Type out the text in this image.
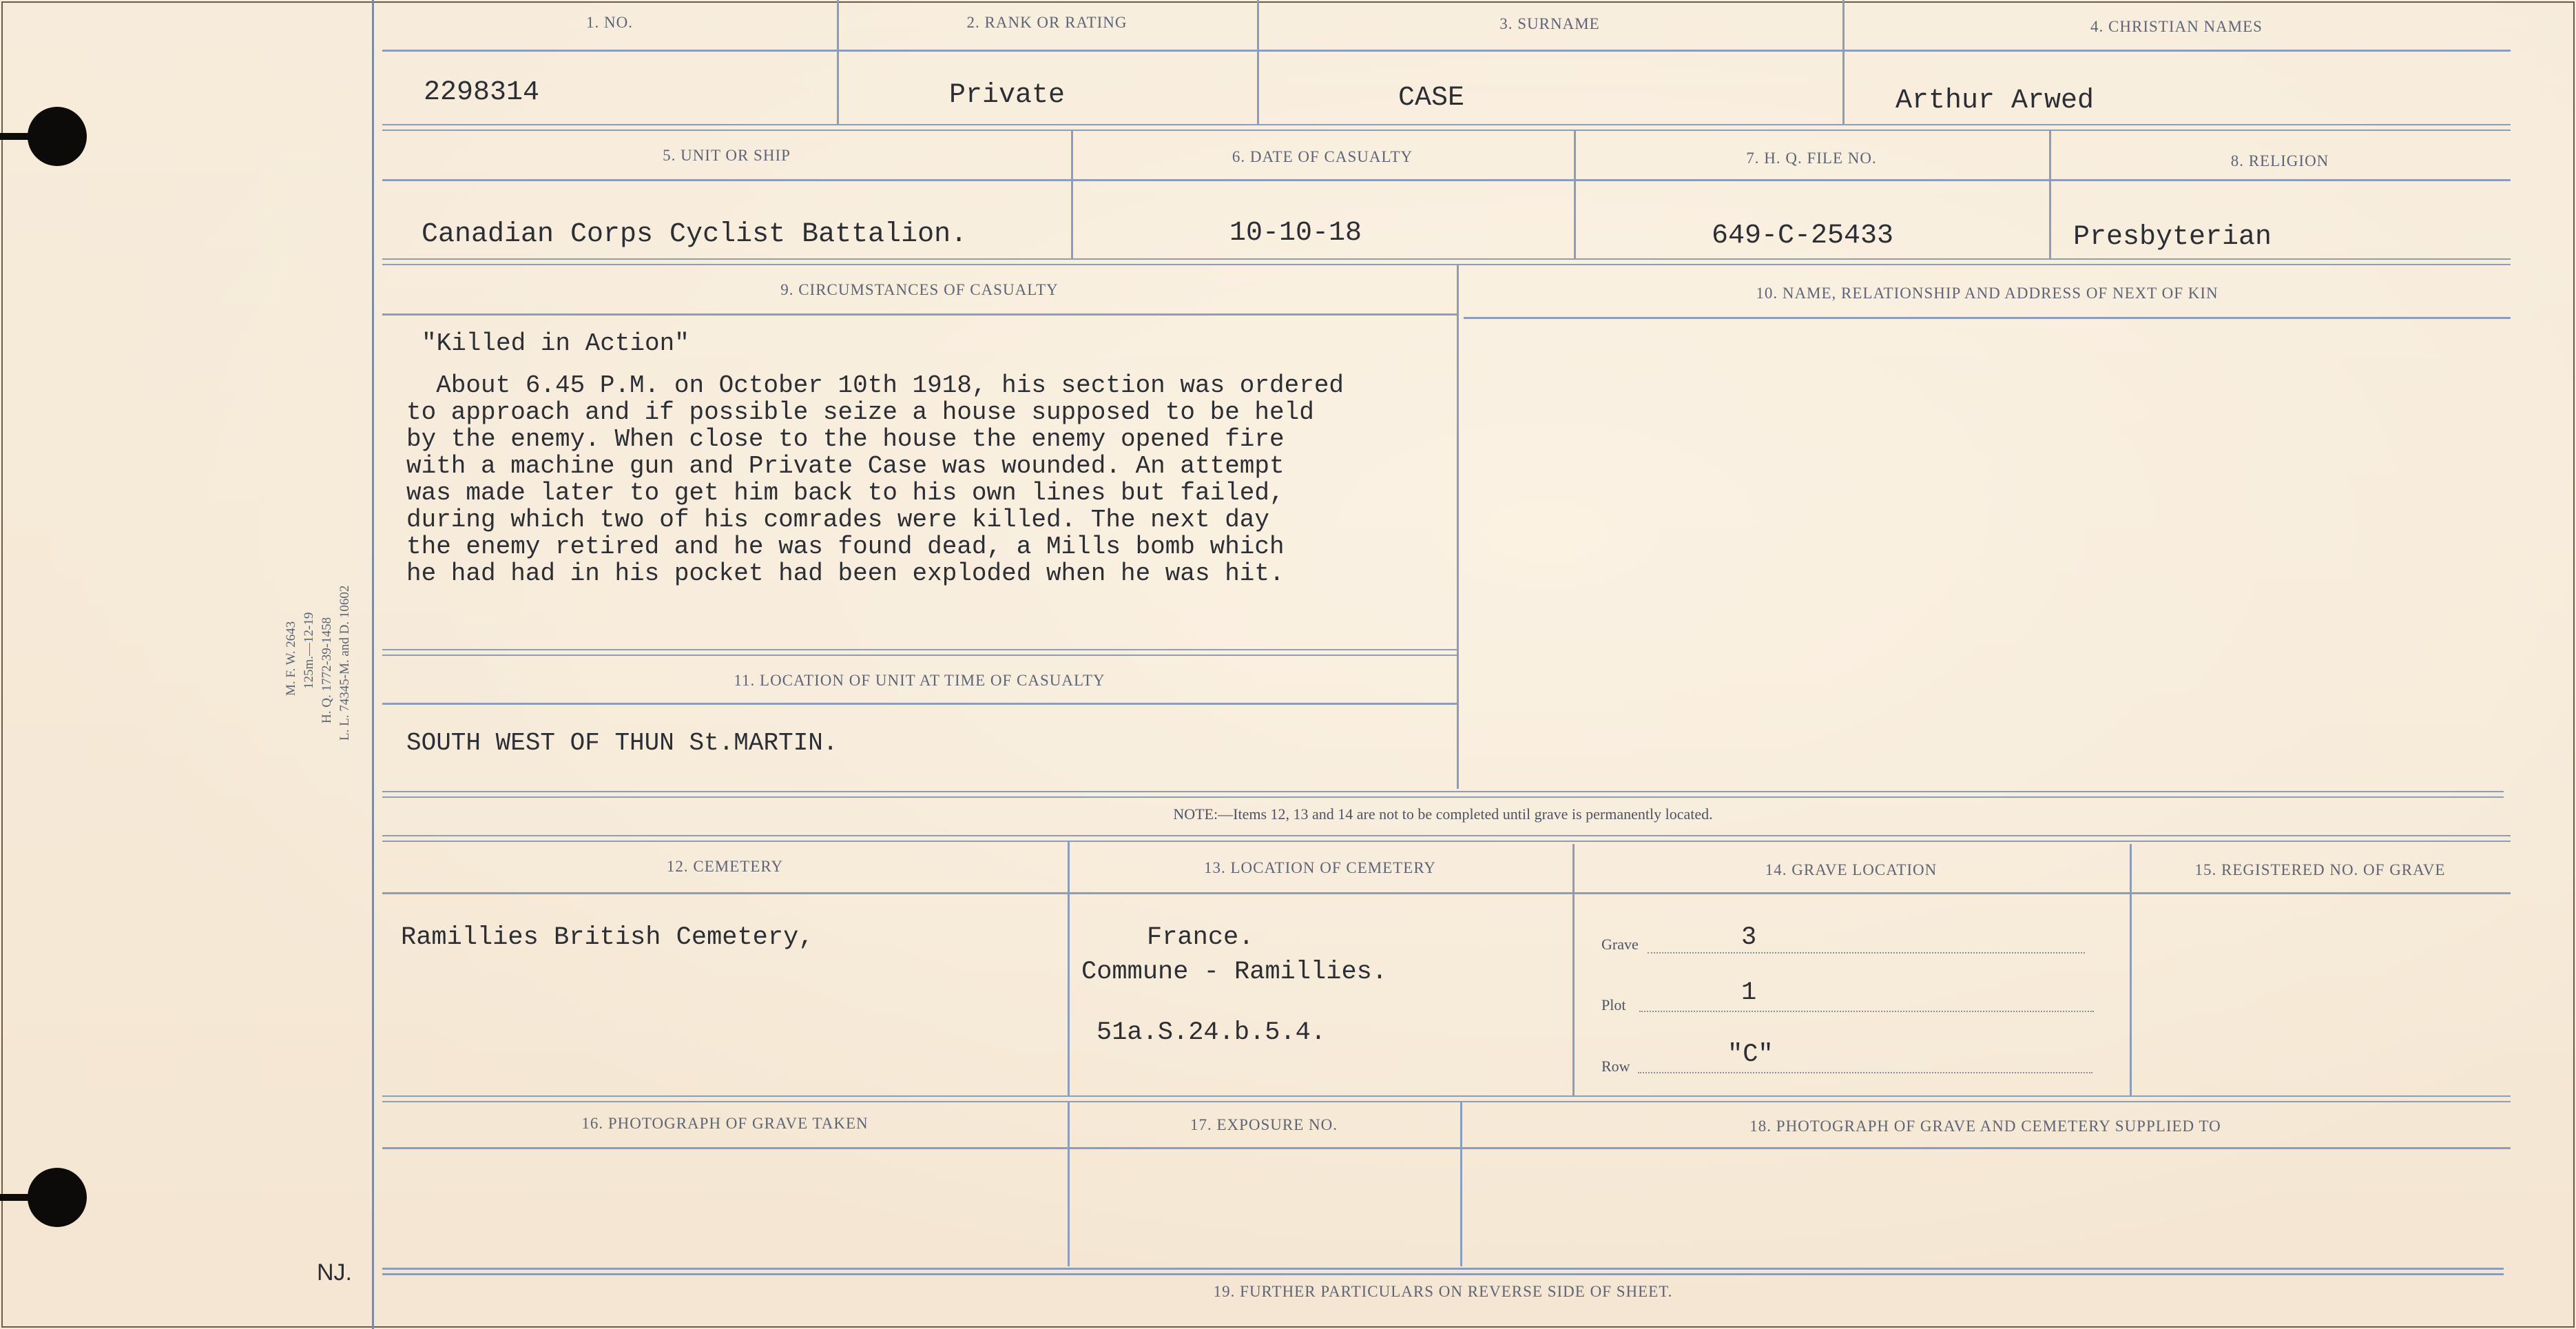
M. F. W. 2643 125m.—12-19 H. Q. 1772-39-1458 L. L. 74345-M. and D. 10602
NJ.
1. NO.	2. RANK OR RATING	3. SURNAME	4. CHRISTIAN NAMES
2298314	Private	CASE	Arthur Arwed
5. UNIT OR SHIP	6. DATE OF CASUALTY	7. H. Q. FILE NO.	8. RELIGION
Canadian Corps Cyclist Battalion.	10-10-18	649-C-25433	Presbyterian
9. CIRCUMSTANCES OF CASUALTY	10. NAME, RELATIONSHIP AND ADDRESS OF NEXT OF KIN
"Killed in Action"
About 6.45 P.M. on October 10th 1918, his section was ordered
to approach and if possible seize a house supposed to be held
by the enemy. When close to the house the enemy opened fire
with a machine gun and Private Case was wounded. An attempt
was made later to get him back to his own lines but failed,
during which two of his comrades were killed. The next day
the enemy retired and he was found dead, a Mills bomb which
he had had in his pocket had been exploded when he was hit.
11. LOCATION OF UNIT AT TIME OF CASUALTY
SOUTH WEST OF THUN St.MARTIN.
NOTE:—Items 12, 13 and 14 are not to be completed until grave is permanently located.
12. CEMETERY	13. LOCATION OF CEMETERY	14. GRAVE LOCATION	15. REGISTERED NO. OF GRAVE
Ramillies British Cemetery,	France.
Commune - Ramillies.
51a.S.24.b.5.4.
Grave	3
Plot	1
Row	"C"
16. PHOTOGRAPH OF GRAVE TAKEN	17. EXPOSURE NO.	18. PHOTOGRAPH OF GRAVE AND CEMETERY SUPPLIED TO
19. FURTHER PARTICULARS ON REVERSE SIDE OF SHEET.
